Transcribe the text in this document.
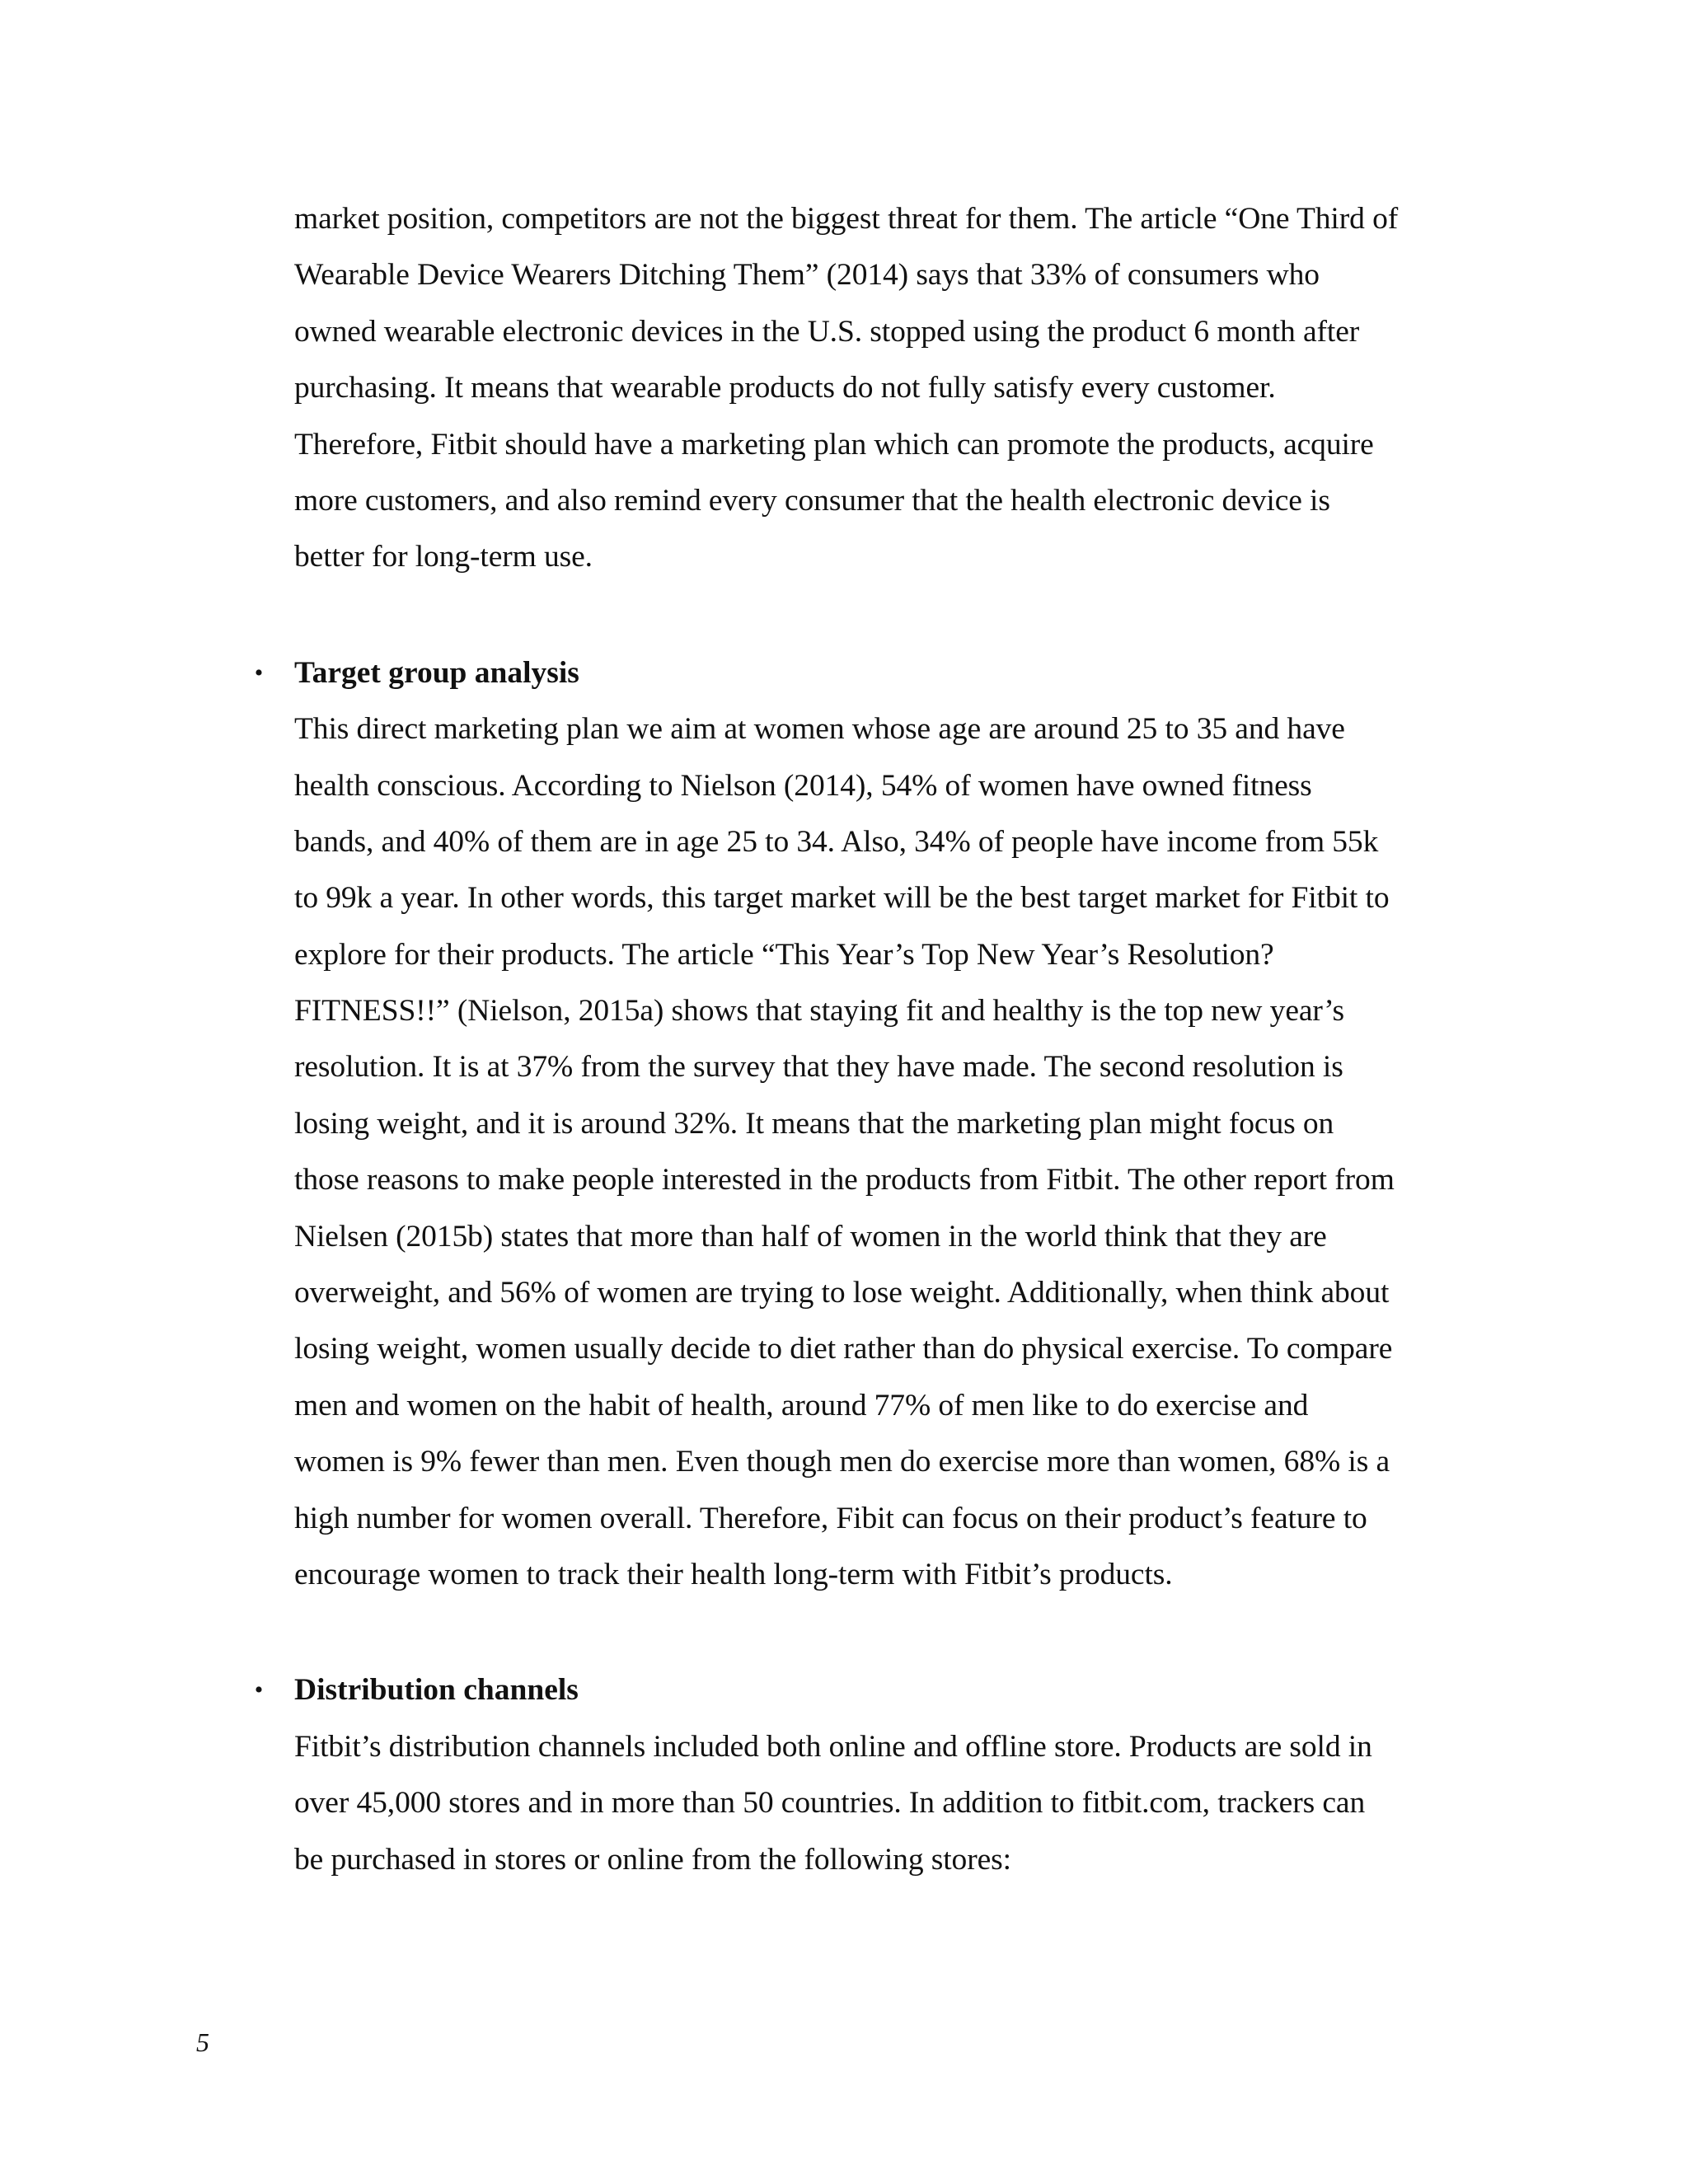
market position, competitors are not the biggest threat for them. The article “One Third of
Wearable Device Wearers Ditching Them” (2014) says that 33% of consumers who
owned wearable electronic devices in the U.S. stopped using the product 6 month after
purchasing. It means that wearable products do not fully satisfy every customer.
Therefore, Fitbit should have a marketing plan which can promote the products, acquire
more customers, and also remind every consumer that the health electronic device is
better for long-term use.
• Target group analysis
This direct marketing plan we aim at women whose age are around 25 to 35 and have
health conscious. According to Nielson (2014), 54% of women have owned fitness
bands, and 40% of them are in age 25 to 34. Also, 34% of people have income from 55k
to 99k a year. In other words, this target market will be the best target market for Fitbit to
explore for their products. The article “This Year’s Top New Year’s Resolution?
FITNESS!!” (Nielson, 2015a) shows that staying fit and healthy is the top new year’s
resolution. It is at 37% from the survey that they have made. The second resolution is
losing weight, and it is around 32%. It means that the marketing plan might focus on
those reasons to make people interested in the products from Fitbit. The other report from
Nielsen (2015b) states that more than half of women in the world think that they are
overweight, and 56% of women are trying to lose weight. Additionally, when think about
losing weight, women usually decide to diet rather than do physical exercise. To compare
men and women on the habit of health, around 77% of men like to do exercise and
women is 9% fewer than men. Even though men do exercise more than women, 68% is a
high number for women overall. Therefore, Fibit can focus on their product’s feature to
encourage women to track their health long-term with Fitbit’s products.
• Distribution channels
Fitbit’s distribution channels included both online and offline store. Products are sold in
over 45,000 stores and in more than 50 countries. In addition to fitbit.com, trackers can
be purchased in stores or online from the following stores:
5
